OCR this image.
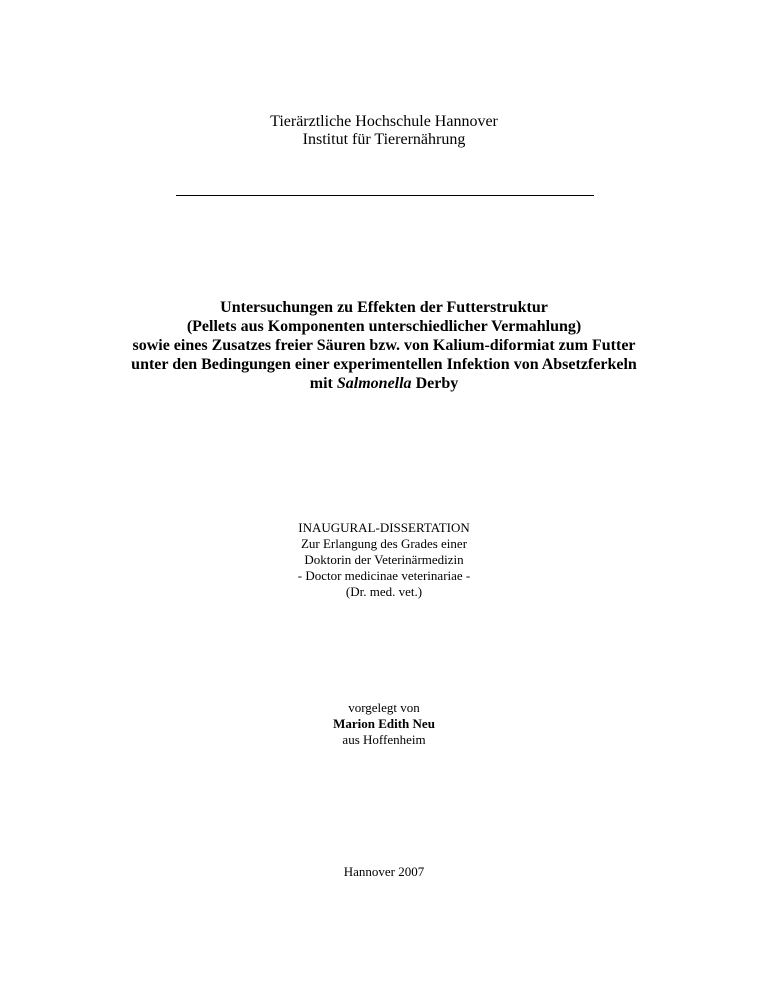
Tierärztliche Hochschule Hannover
Institut für Tierernährung
Untersuchungen zu Effekten der Futterstruktur
(Pellets aus Komponenten unterschiedlicher Vermahlung)
sowie eines Zusatzes freier Säuren bzw. von Kalium-diformiat zum Futter
unter den Bedingungen einer experimentellen Infektion von Absetzferkeln
mit Salmonella Derby
INAUGURAL-DISSERTATION
Zur Erlangung des Grades einer
Doktorin der Veterinärmedizin
- Doctor medicinae veterinariae -
(Dr. med. vet.)
vorgelegt von
Marion Edith Neu
aus Hoffenheim
Hannover 2007
